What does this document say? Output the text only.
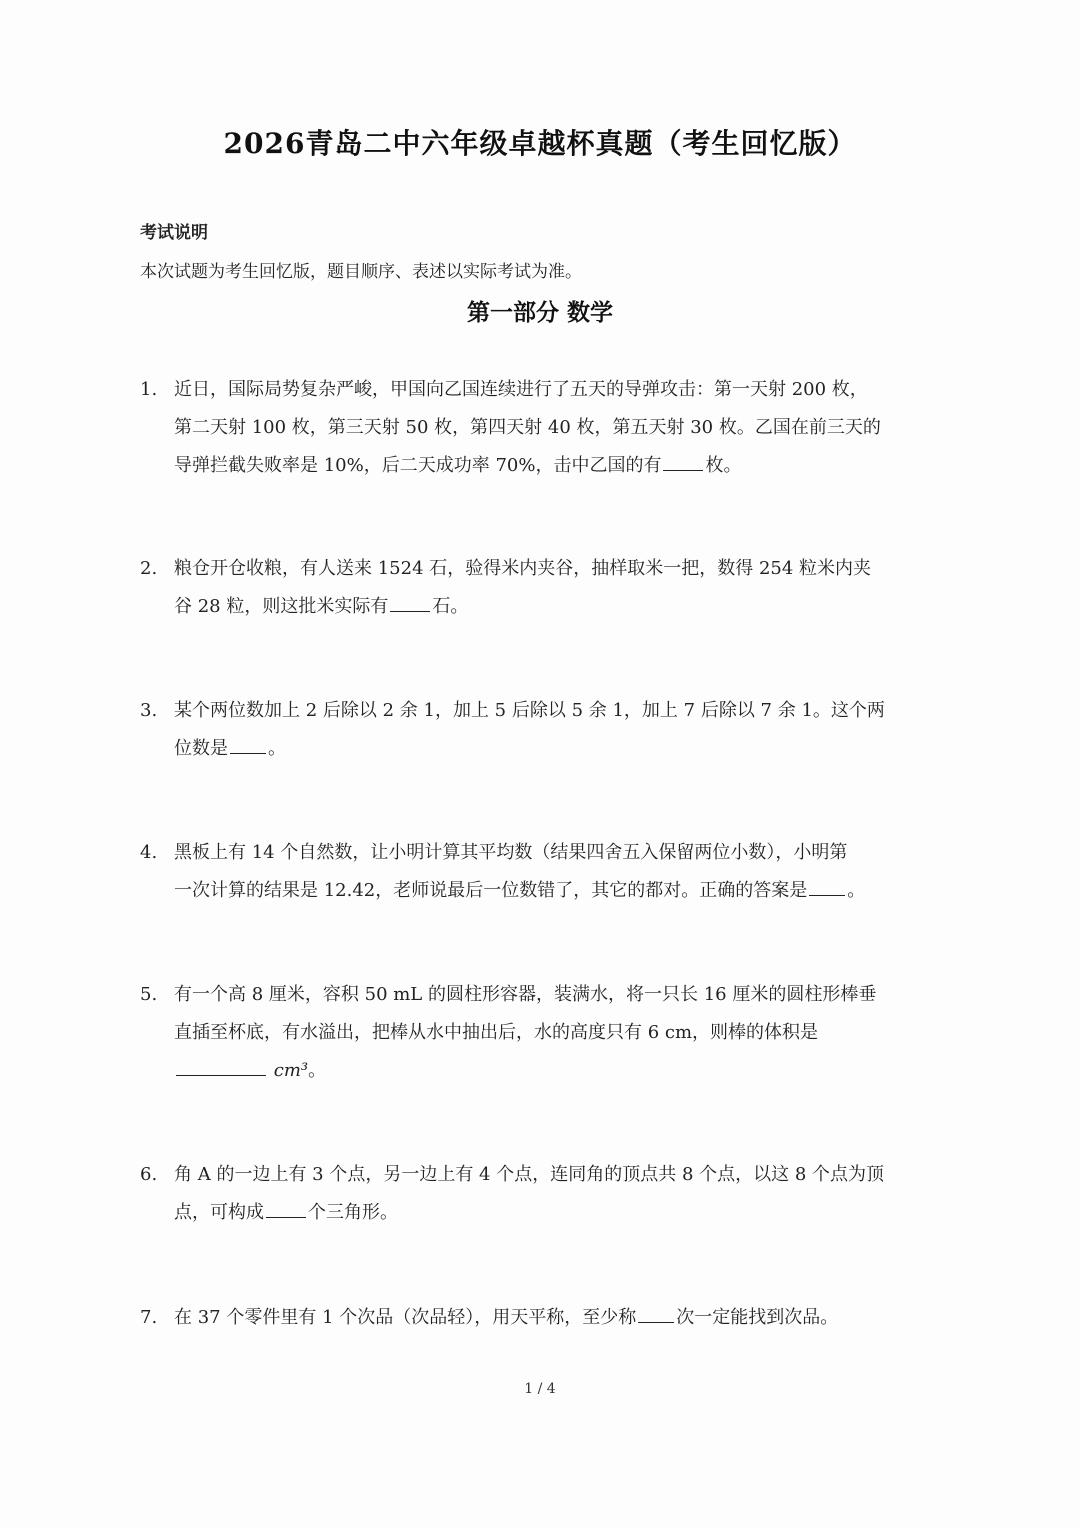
2026青岛二中六年级卓越杯真题（考生回忆版）
考试说明
本次试题为考生回忆版，题目顺序、表述以实际考试为准。
第一部分 数学
1. 近日，国际局势复杂严峻，甲国向乙国连续进行了五天的导弹攻击：第一天射 200 枚，
第二天射 100 枚，第三天射 50 枚，第四天射 40 枚，第五天射 30 枚。乙国在前三天的
导弹拦截失败率是 10%，后二天成功率 70%，击中乙国的有 枚。
2. 粮仓开仓收粮，有人送来 1524 石，验得米内夹谷，抽样取米一把，数得 254 粒米内夹
谷 28 粒，则这批米实际有 石。
3. 某个两位数加上 2 后除以 2 余 1，加上 5 后除以 5 余 1，加上 7 后除以 7 余 1。这个两
位数是 。
4. 黑板上有 14 个自然数，让小明计算其平均数（结果四舍五入保留两位小数），小明第
一次计算的结果是 12.42，老师说最后一位数错了，其它的都对。正确的答案是 。
5. 有一个高 8 厘米，容积 50 mL 的圆柱形容器，装满水，将一只长 16 厘米的圆柱形棒垂
直插至杯底，有水溢出，把棒从水中抽出后，水的高度只有 6 cm，则棒的体积是
cm³。
6. 角 A 的一边上有 3 个点，另一边上有 4 个点，连同角的顶点共 8 个点，以这 8 个点为顶
点，可构成 个三角形。
7. 在 37 个零件里有 1 个次品（次品轻），用天平称，至少称 次一定能找到次品。
1 / 4
